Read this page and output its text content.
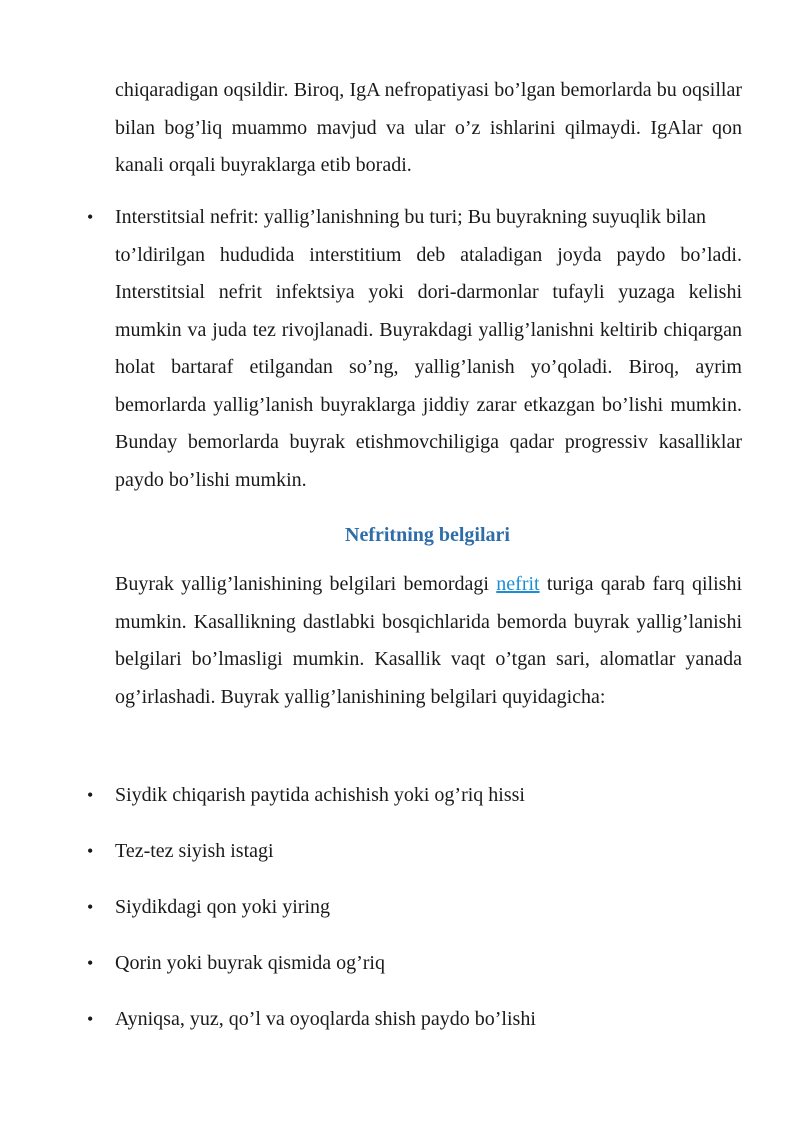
chiqaradigan oqsildir. Biroq, IgA nefropatiyasi bo’lgan bemorlarda bu oqsillar bilan bog’liq muammo mavjud va ular o’z ishlarini qilmaydi. IgAlar qon kanali orqali buyraklarga etib boradi.

• Interstitsial nefrit: yallig’lanishning bu turi; Bu buyrakning suyuqlik bilan
to’ldirilgan hududida interstitium deb ataladigan joyda paydo bo’ladi. Interstitsial nefrit infektsiya yoki dori-darmonlar tufayli yuzaga kelishi mumkin va juda tez rivojlanadi. Buyrakdagi yallig’lanishni keltirib chiqargan holat bartaraf etilgandan so’ng, yallig’lanish yo’qoladi. Biroq, ayrim bemorlarda yallig’lanish buyraklarga jiddiy zarar etkazgan bo’lishi mumkin. Bunday bemorlarda buyrak etishmovchiligiga qadar progressiv kasalliklar paydo bo’lishi mumkin.
Nefritning belgilari

Buyrak yallig’lanishining belgilari bemordagi nefrit turiga qarab farq qilishi mumkin. Kasallikning dastlabki bosqichlarida bemorda buyrak yallig’lanishi belgilari bo’lmasligi mumkin. Kasallik vaqt o’tgan sari, alomatlar yanada og’irlashadi. Buyrak yallig’lanishining belgilari quyidagicha:

• Siydik chiqarish paytida achishish yoki og’riq hissi

• Tez-tez siyish istagi

• Siydikdagi qon yoki yiring

• Qorin yoki buyrak qismida og’riq

• Ayniqsa, yuz, qo’l va oyoqlarda shish paydo bo’lishi
